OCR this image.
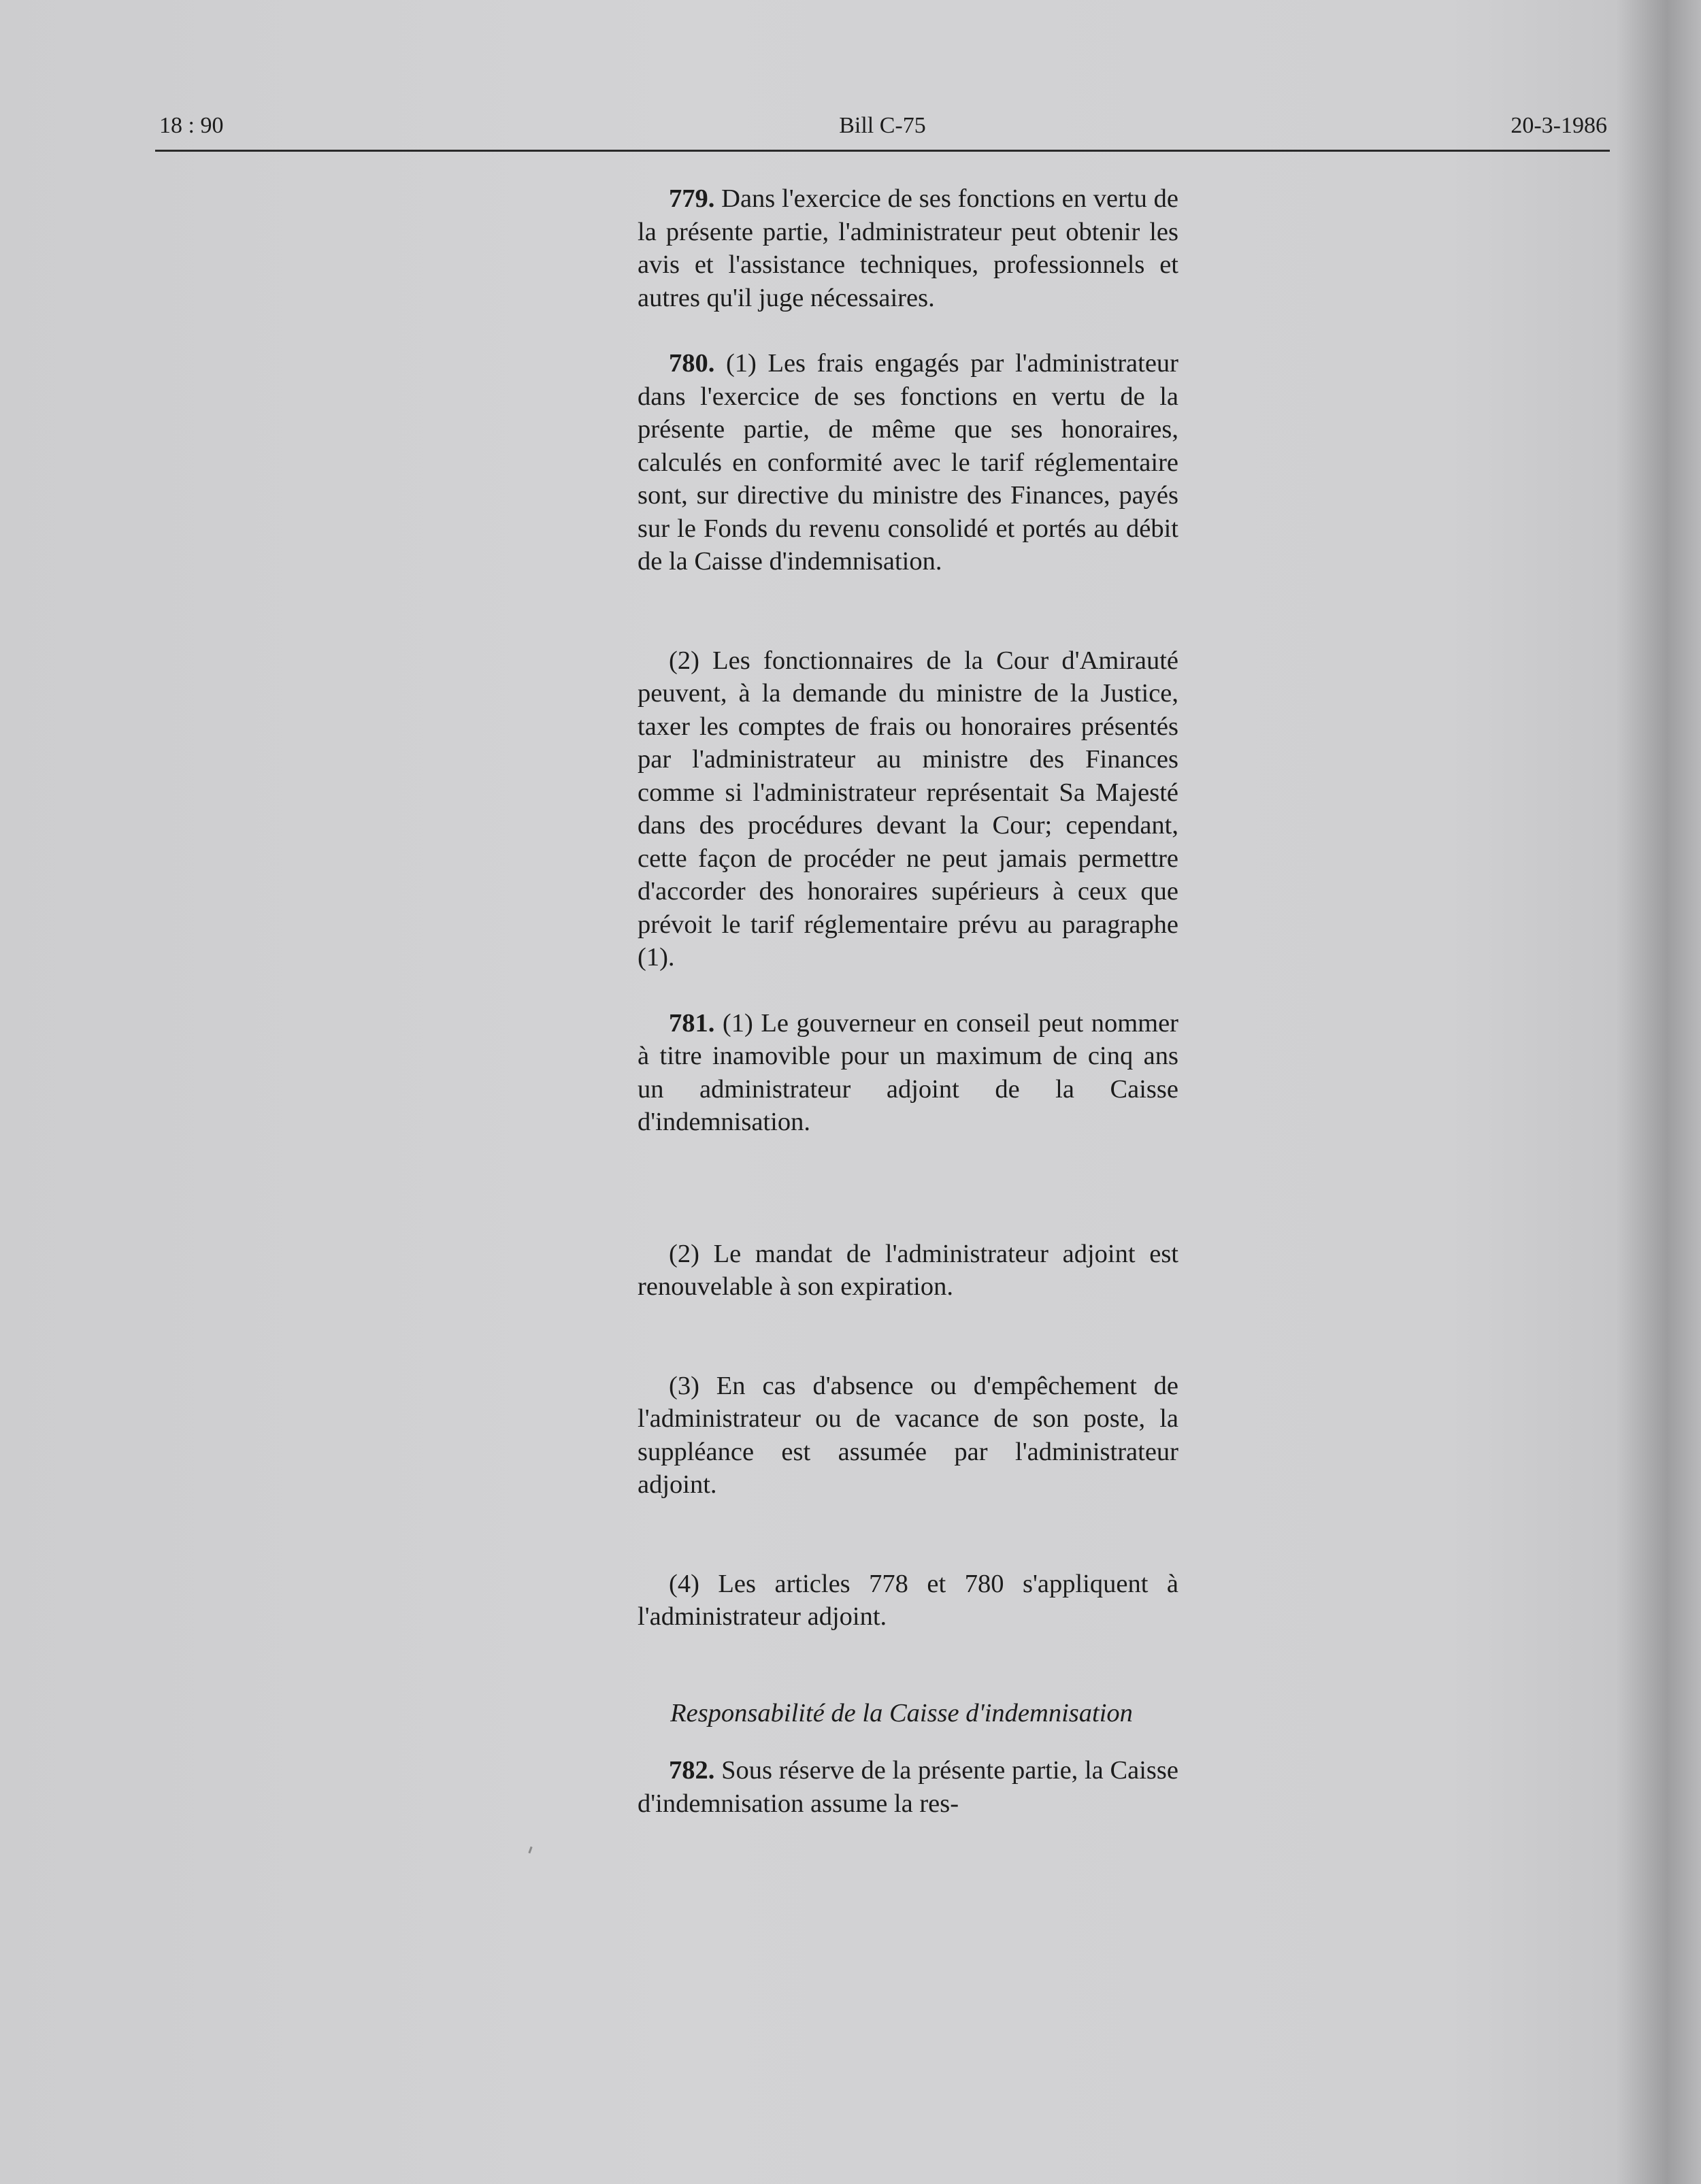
18 : 90	Bill C-75	20-3-1986

779. Dans l'exercice de ses fonctions en vertu de la présente partie, l'administrateur peut obtenir les avis et l'assistance techniques, professionnels et autres qu'il juge nécessaires.

780. (1) Les frais engagés par l'administrateur dans l'exercice de ses fonctions en vertu de la présente partie, de même que ses honoraires, calculés en conformité avec le tarif réglementaire sont, sur directive du ministre des Finances, payés sur le Fonds du revenu consolidé et portés au débit de la Caisse d'indemnisation.

(2) Les fonctionnaires de la Cour d'Amirauté peuvent, à la demande du ministre de la Justice, taxer les comptes de frais ou honoraires présentés par l'administrateur au ministre des Finances comme si l'administrateur représentait Sa Majesté dans des procédures devant la Cour; cependant, cette façon de procéder ne peut jamais permettre d'accorder des honoraires supérieurs à ceux que prévoit le tarif réglementaire prévu au paragraphe (1).

781. (1) Le gouverneur en conseil peut nommer à titre inamovible pour un maximum de cinq ans un administrateur adjoint de la Caisse d'indemnisation.

(2) Le mandat de l'administrateur adjoint est renouvelable à son expiration.

(3) En cas d'absence ou d'empêchement de l'administrateur ou de vacance de son poste, la suppléance est assumée par l'administrateur adjoint.

(4) Les articles 778 et 780 s'appliquent à l'administrateur adjoint.

Responsabilité de la Caisse d'indemnisation

782. Sous réserve de la présente partie, la Caisse d'indemnisation assume la res-
